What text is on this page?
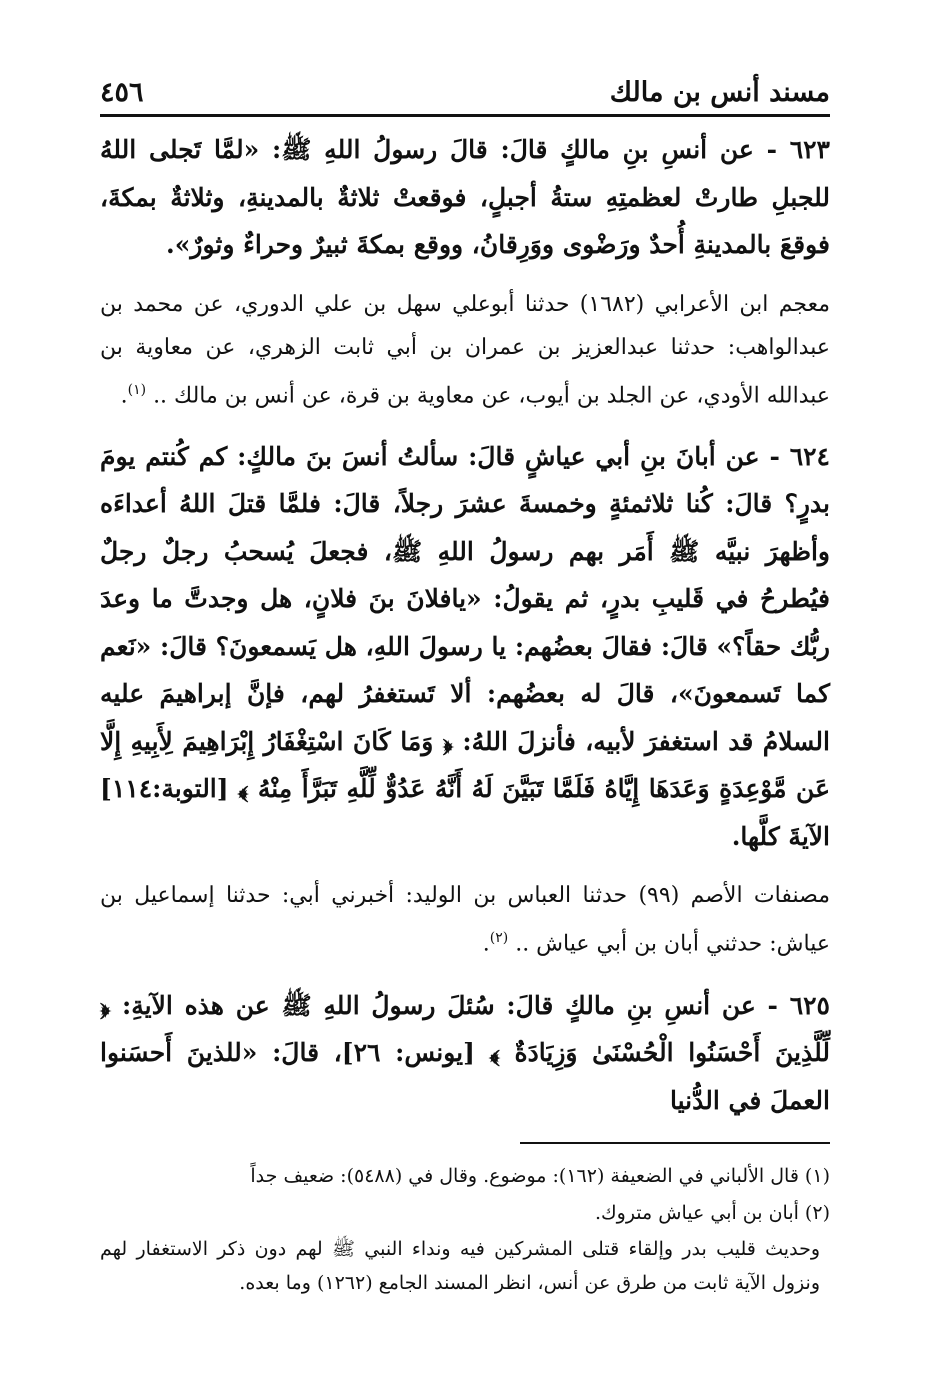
مسند أنس بن مالك
٤٥٦

٦٢٣ - عن أنسِ بنِ مالكٍ قالَ: قالَ رسولُ اللهِ ﷺ: «لمَّا تَجلى اللهُ للجبلِ طارتْ لعظمتِهِ ستةُ أجبلٍ، فوقعتْ ثلاثةٌ بالمدينةِ، وثلاثةٌ بمكةَ، فوقعَ بالمدينةِ أُحدٌ ورَضْوى ووَرِقانُ، ووقع بمكةَ ثبيرٌ وحراءٌ وثورٌ».

معجم ابن الأعرابي (١٦٨٢) حدثنا أبوعلي سهل بن علي الدوري، عن محمد بن عبدالواهب: حدثنا عبدالعزيز بن عمران بن أبي ثابت الزهري، عن معاوية بن عبدالله الأودي، عن الجلد بن أيوب، عن معاوية بن قرة، عن أنس بن مالك .. $^{(١)}$.

٦٢٤ - عن أبانَ بنِ أبي عياشٍ قالَ: سألتُ أنسَ بنَ مالكٍ: كم كُنتم يومَ بدرٍ؟ قالَ: كُنا ثلاثمئةٍ وخمسةَ عشرَ رجلاً، قالَ: فلمَّا قتلَ اللهُ أعداءَه وأظهرَ نبيَّه ﷺ أَمَر بهم رسولُ اللهِ ﷺ، فجعلَ يُسحبُ رجلٌ رجلٌ فيُطرحُ في قَليبِ بدرٍ، ثم يقولُ: «يافلانَ بنَ فلانٍ، هل وجدتَّ ما وعدَ ربُّك حقاً؟» قالَ: فقالَ بعضُهم: يا رسولَ اللهِ، هل يَسمعونَ؟ قالَ: «نَعم كما تَسمعونَ»، قالَ له بعضُهم: ألا تَستغفرُ لهم، فإنَّ إبراهيمَ عليه السلامُ قد استغفرَ لأبيه، فأنزلَ اللهُ: ﴿ وَمَا كَانَ اسْتِغْفَارُ إِبْرَاهِيمَ لِأَبِيهِ إِلَّا عَن مَّوْعِدَةٍ وَعَدَهَا إِيَّاهُ فَلَمَّا تَبَيَّنَ لَهُ أَنَّهُ عَدُوٌّ لِّلَّهِ تَبَرَّأَ مِنْهُ ﴾ [التوبة:١١٤] الآيةَ كلَّها.

مصنفات الأصم (٩٩) حدثنا العباس بن الوليد: أخبرني أبي: حدثنا إسماعيل بن عياش: حدثني أبان بن أبي عياش .. $^{(٢)}$.

٦٢٥ - عن أنسِ بنِ مالكٍ قالَ: سُئلَ رسولُ اللهِ ﷺ عن هذه الآيةِ: ﴿ لِّلَّذِينَ أَحْسَنُوا الْحُسْنَىٰ وَزِيَادَةٌ ﴾ [يونس: ٢٦]، قالَ: «للذينَ أَحسَنوا العملَ في الدُّنيا

(١) قال الألباني في الضعيفة (١٦٢): موضوع. وقال في (٥٤٨٨): ضعيف جداً

(٢) أبان بن أبي عياش متروك.

وحديث قليب بدر وإلقاء قتلى المشركين فيه ونداء النبي ﷺ لهم دون ذكر الاستغفار لهم ونزول الآية ثابت من طرق عن أنس، انظر المسند الجامع (١٢٦٢) وما بعده.
